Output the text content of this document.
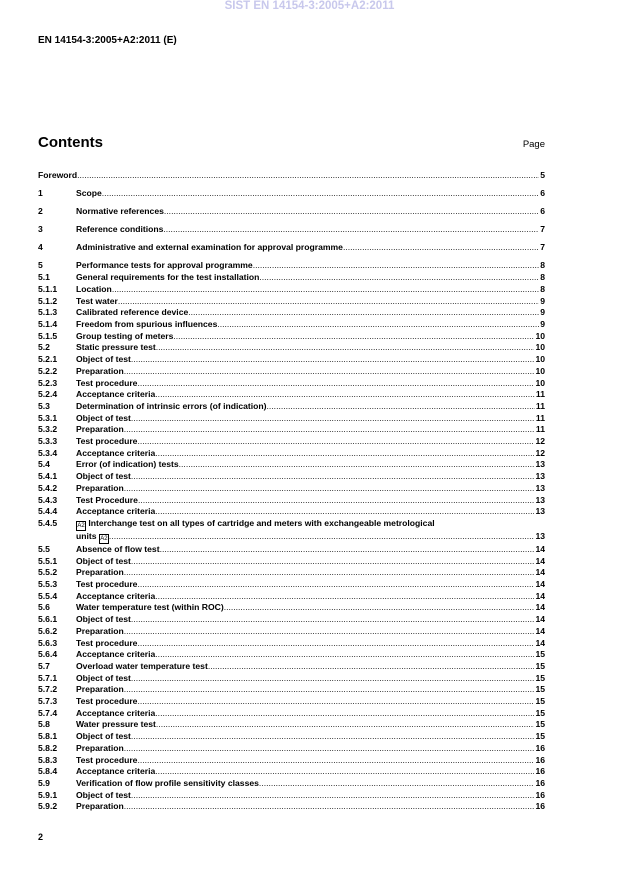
SIST EN 14154-3:2005+A2:2011
EN 14154-3:2005+A2:2011 (E)
Contents	Page
Foreword .....	5
1	Scope .....	6
2	Normative references .....	6
3	Reference conditions .....	7
4	Administrative and external examination for approval programme .....	7
5	Performance tests for approval programme .....	8
5.1	General requirements for the test installation .....	8
5.1.1	Location .....	8
5.1.2	Test water .....	9
5.1.3	Calibrated reference device .....	9
5.1.4	Freedom from spurious influences .....	9
5.1.5	Group testing of meters .....	10
5.2	Static pressure test .....	10
5.2.1	Object of test .....	10
5.2.2	Preparation .....	10
5.2.3	Test procedure .....	10
5.2.4	Acceptance criteria .....	11
5.3	Determination of intrinsic errors (of indication) .....	11
5.3.1	Object of test .....	11
5.3.2	Preparation .....	11
5.3.3	Test procedure .....	12
5.3.4	Acceptance criteria .....	12
5.4	Error (of indication) tests .....	13
5.4.1	Object of test .....	13
5.4.2	Preparation .....	13
5.4.3	Test Procedure .....	13
5.4.4	Acceptance criteria .....	13
5.4.5	A2 Interchange test on all types of cartridge and meters with exchangeable metrological
units A2 .....	13
5.5	Absence of flow test .....	14
5.5.1	Object of test .....	14
5.5.2	Preparation .....	14
5.5.3	Test procedure .....	14
5.5.4	Acceptance criteria .....	14
5.6	Water temperature test (within ROC) .....	14
5.6.1	Object of test .....	14
5.6.2	Preparation .....	14
5.6.3	Test procedure .....	14
5.6.4	Acceptance criteria .....	15
5.7	Overload water temperature test .....	15
5.7.1	Object of test .....	15
5.7.2	Preparation .....	15
5.7.3	Test procedure .....	15
5.7.4	Acceptance criteria .....	15
5.8	Water pressure test .....	15
5.8.1	Object of test .....	15
5.8.2	Preparation .....	16
5.8.3	Test procedure .....	16
5.8.4	Acceptance criteria .....	16
5.9	Verification of flow profile sensitivity classes .....	16
5.9.1	Object of test .....	16
5.9.2	Preparation .....	16
2
